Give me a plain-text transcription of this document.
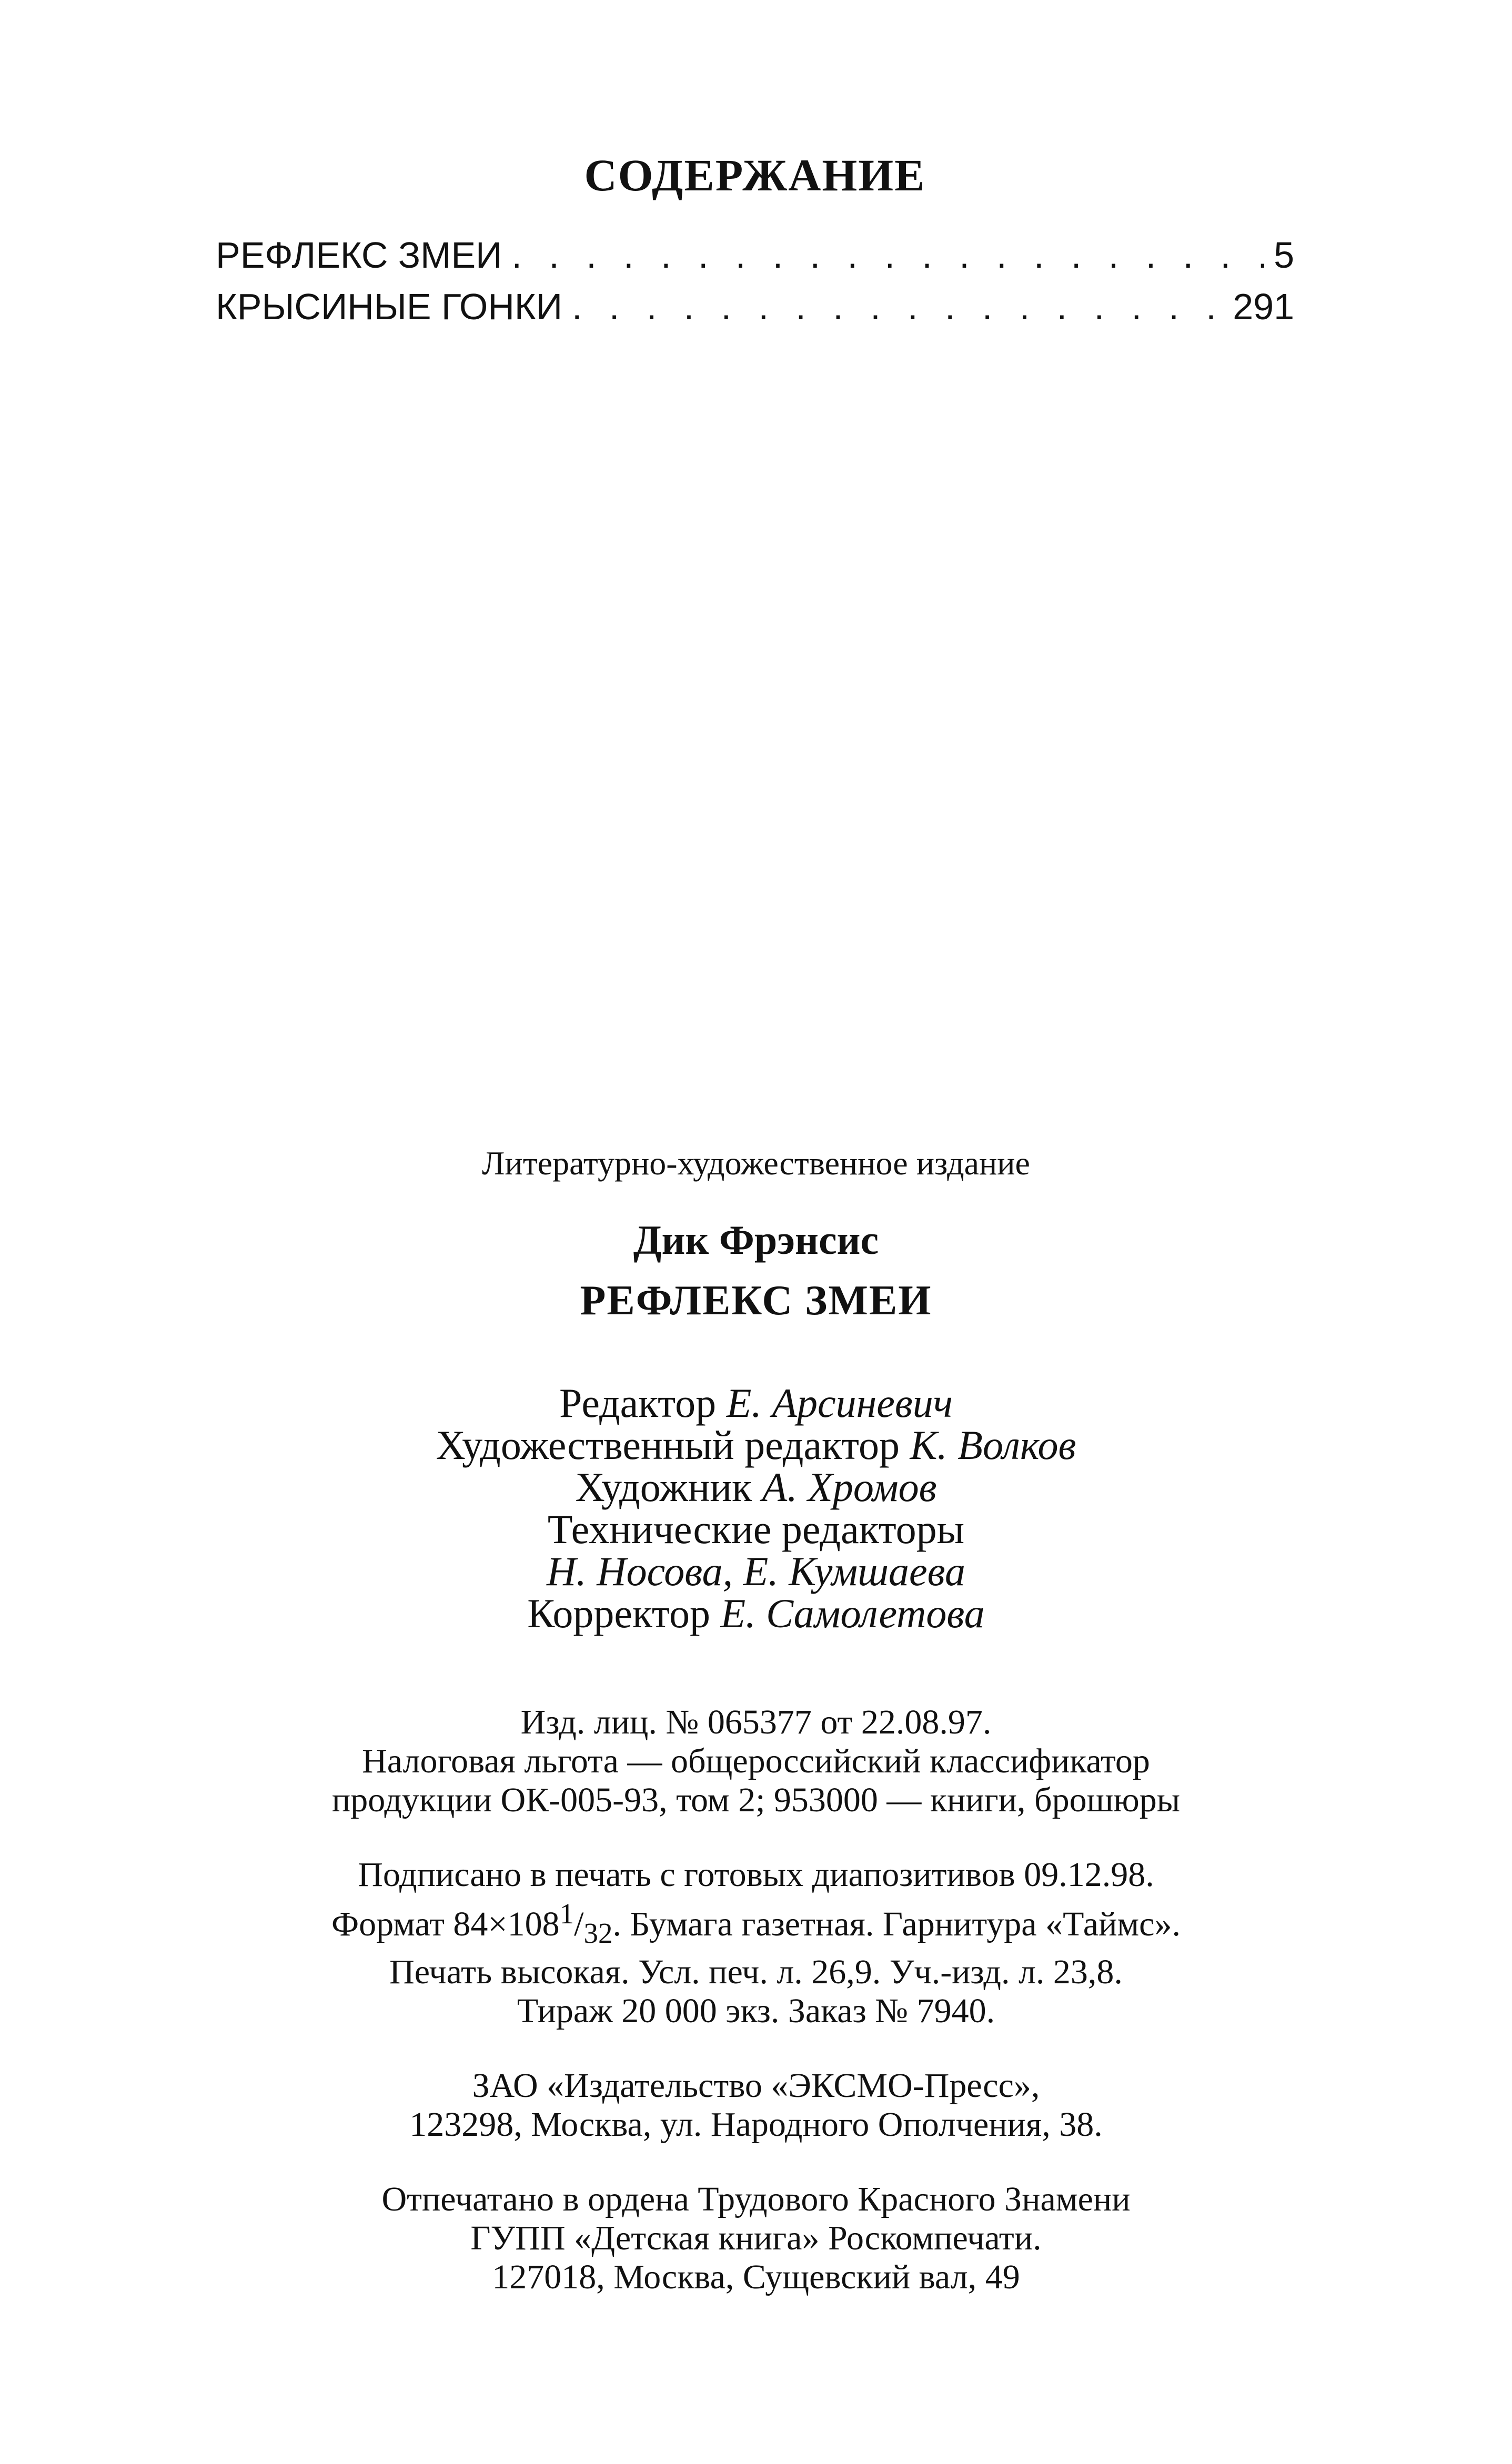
СОДЕРЖАНИЕ
РЕФЛЕКС ЗМЕИ . . .	5
КРЫСИНЫЕ ГОНКИ . . .	291

Литературно-художественное издание

Дик Фрэнсис

РЕФЛЕКС ЗМЕИ

Редактор Е. Арсиневич

Художественный редактор К. Волков

Художник А. Хромов

Технические редакторы

Н. Носова, Е. Кумшаева

Корректор Е. Самолетова

Изд. лиц. № 065377 от 22.08.97.

Налоговая льгота — общероссийский классификатор

продукции ОК-005-93, том 2; 953000 — книги, брошюры

Подписано в печать с готовых диапозитивов 09.12.98.

Формат $84\times 108^1/_{32}$. Бумага газетная. Гарнитура «Таймс».

Печать высокая. Усл. печ. л. 26,9. Уч.-изд. л. 23,8.

Тираж 20 000 экз. Заказ № 7940.

ЗАО «Издательство «ЭКСМО-Пресс»,

123298, Москва, ул. Народного Ополчения, 38.

Отпечатано в ордена Трудового Красного Знамени

ГУПП «Детская книга» Роскомпечати.

127018, Москва, Сущевский вал, 49
